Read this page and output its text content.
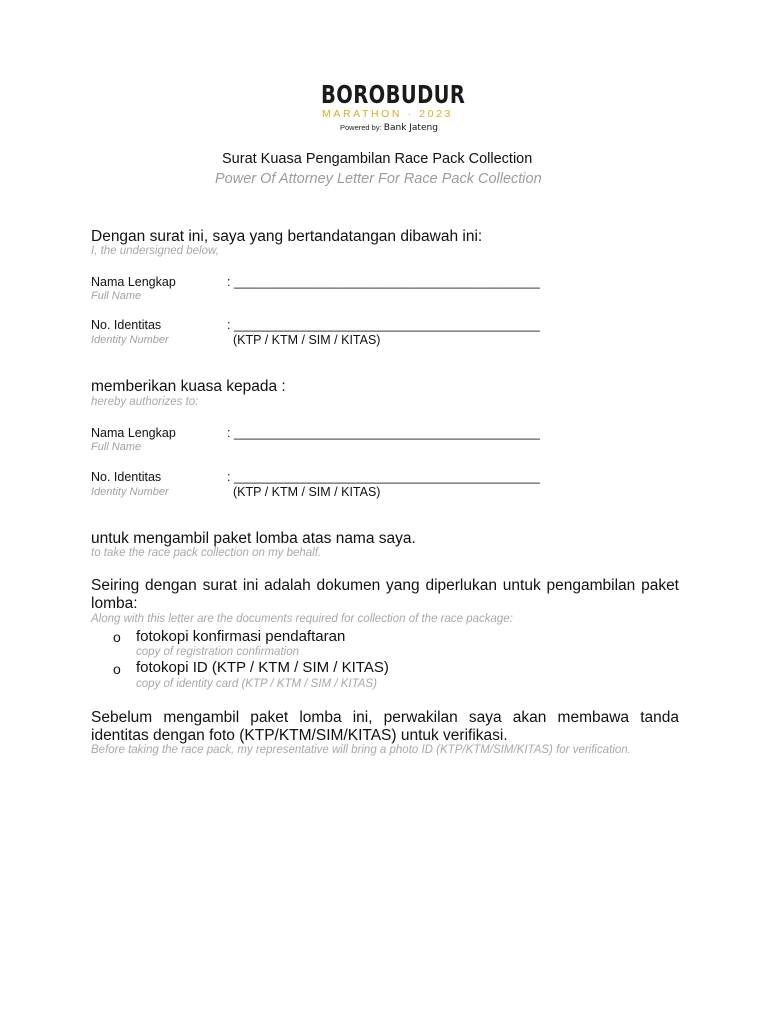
BOROBUDUR
MARATHON · 2023
Powered by: Bank Jateng
Surat Kuasa Pengambilan Race Pack Collection
Power Of Attorney Letter For Race Pack Collection
Dengan surat ini, saya yang bertandatangan dibawah ini:
I, the undersigned below,
Nama Lengkap
Full Name
: ____________________________________________
No. Identitas
Identity Number
: ____________________________________________
(KTP / KTM / SIM / KITAS)
memberikan kuasa kepada :
hereby authorizes to:
Nama Lengkap
Full Name
: ____________________________________________
No. Identitas
Identity Number
: ____________________________________________
(KTP / KTM / SIM / KITAS)
untuk mengambil paket lomba atas nama saya.
to take the race pack collection on my behalf.
Seiring dengan surat ini adalah dokumen yang diperlukan untuk pengambilan paket lomba:
Along with this letter are the documents required for collection of the race package:
o fotokopi konfirmasi pendaftaran
copy of registration confirmation
o fotokopi ID (KTP / KTM / SIM / KITAS)
copy of identity card (KTP / KTM / SIM / KITAS)
Sebelum mengambil paket lomba ini, perwakilan saya akan membawa tanda identitas dengan foto (KTP/KTM/SIM/KITAS) untuk verifikasi.
Before taking the race pack, my representative will bring a photo ID (KTP/KTM/SIM/KITAS) for verification.
